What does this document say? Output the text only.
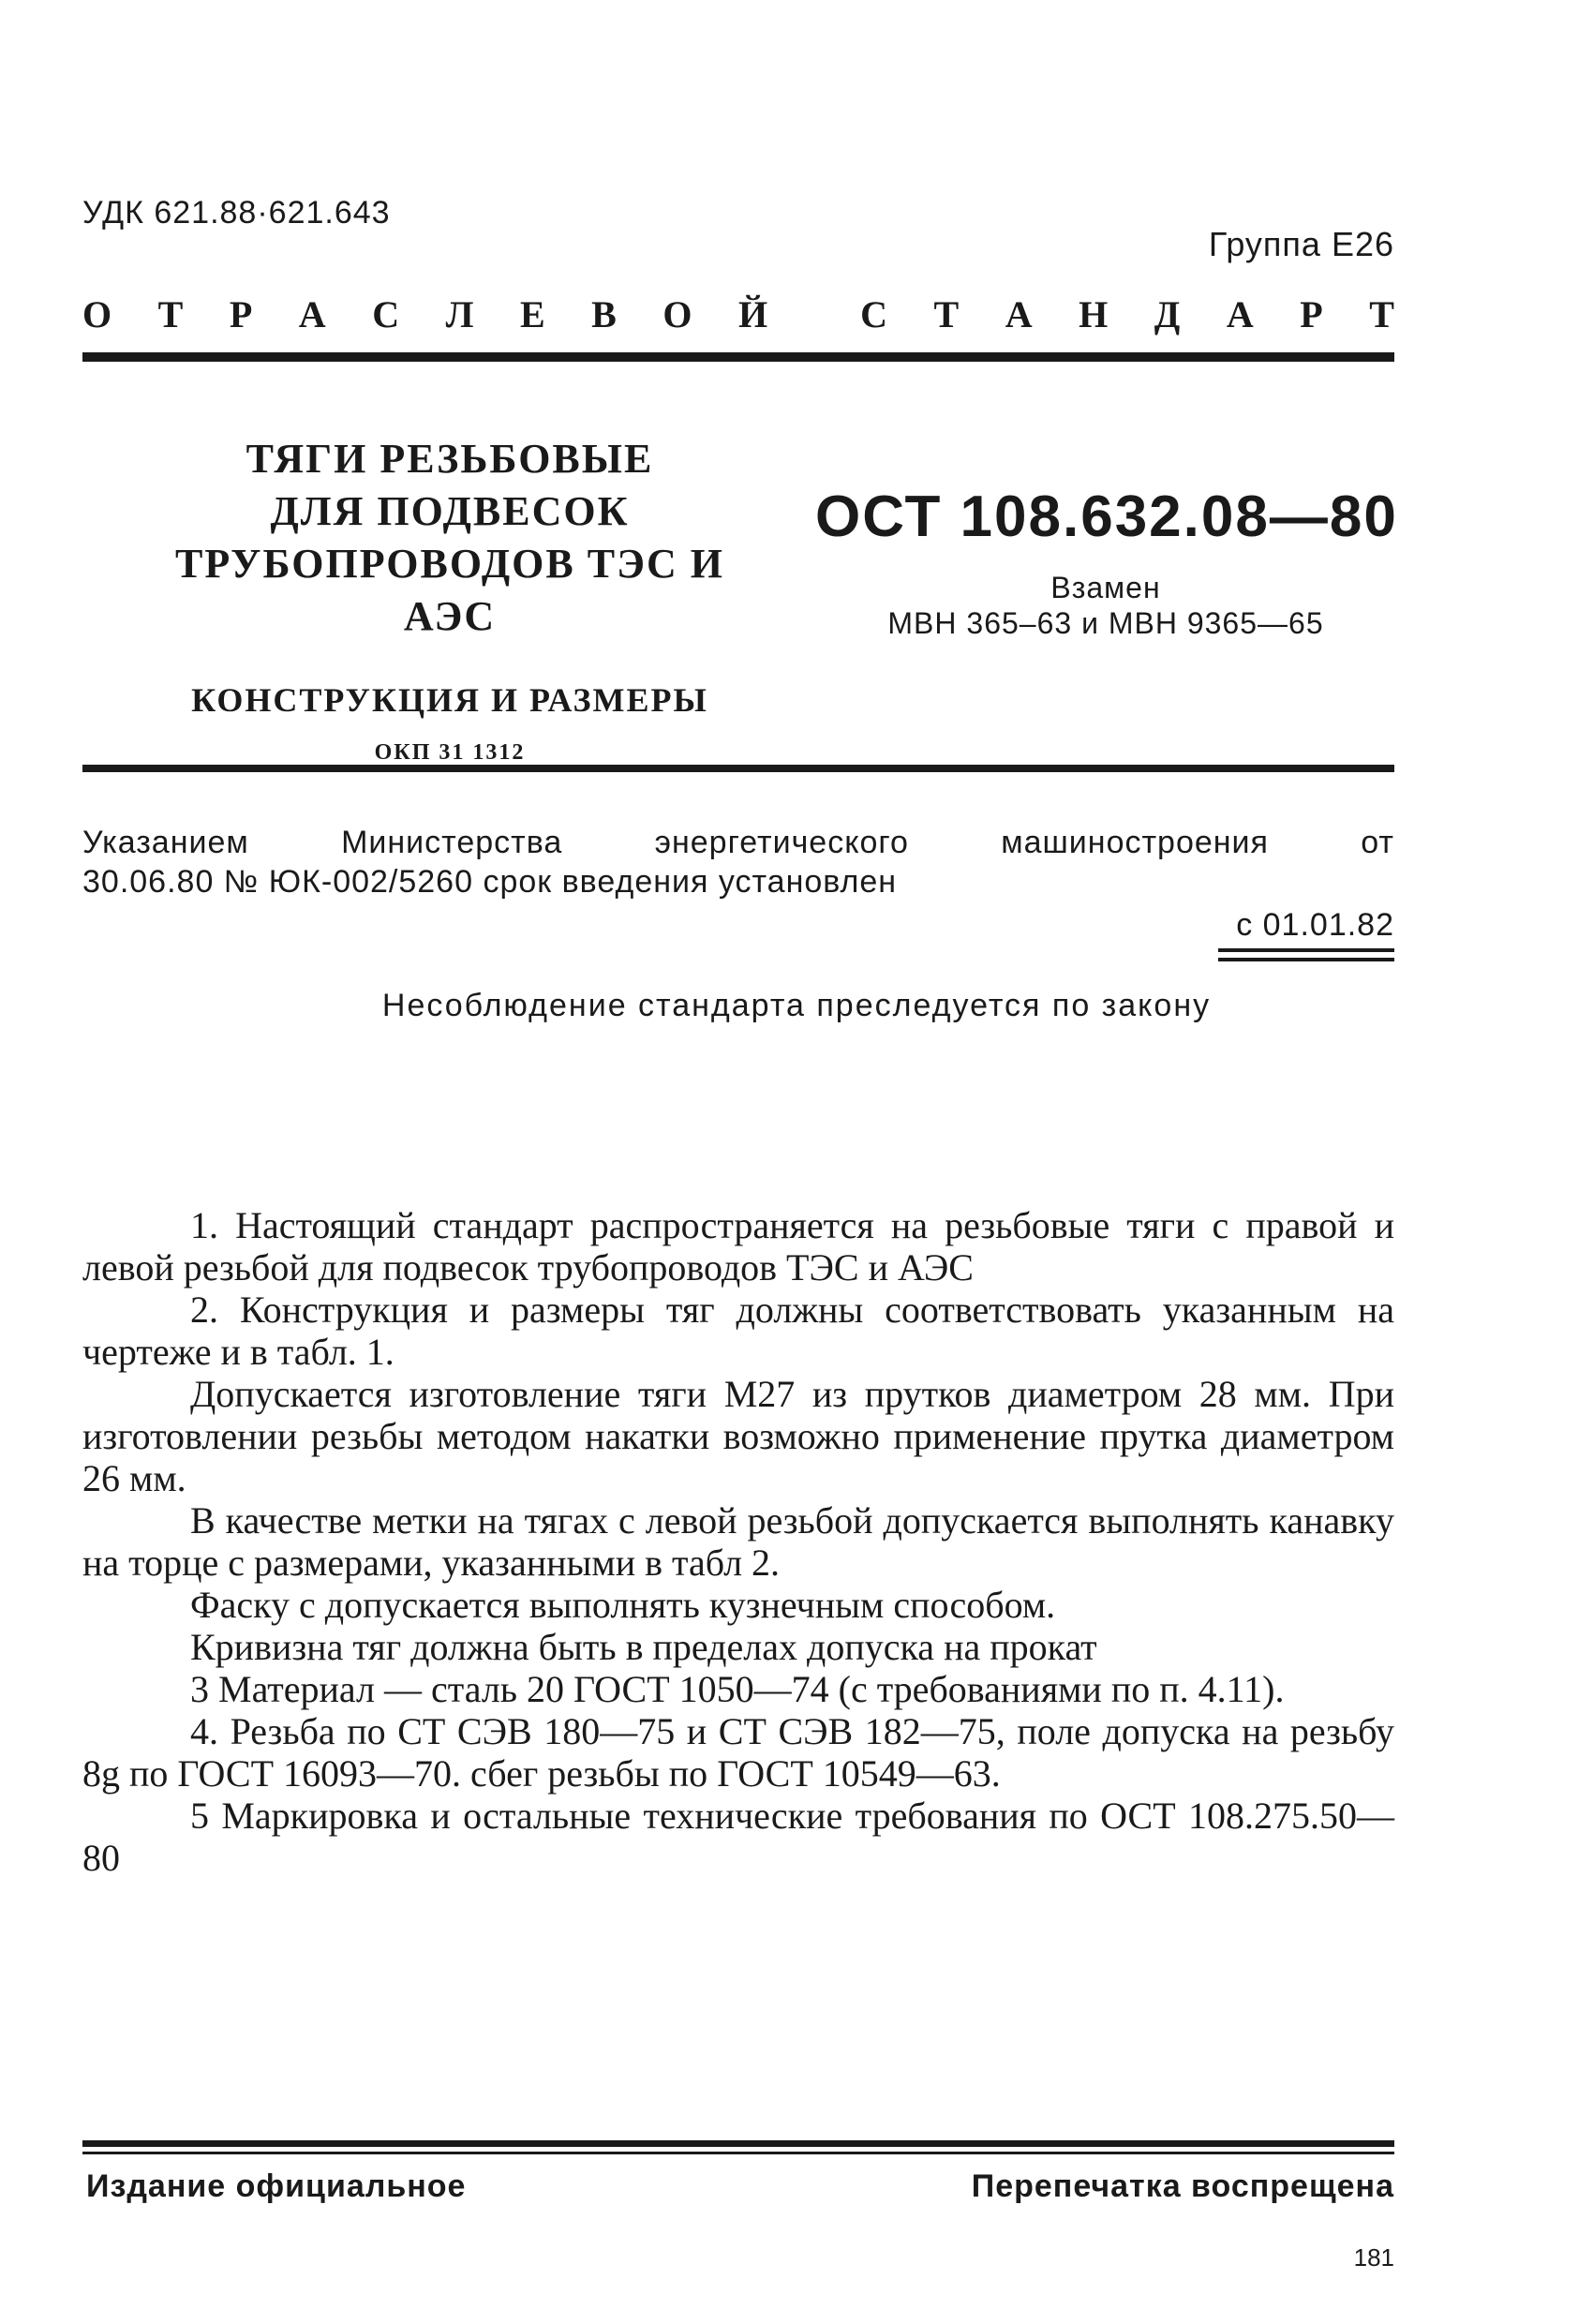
УДК 621.88·621.643
Группа Е26
О Т Р А С Л Е В О Й С Т А Н Д А Р Т
ТЯГИ РЕЗЬБОВЫЕ
ДЛЯ ПОДВЕСОК
ТРУБОПРОВОДОВ ТЭС И АЭС
КОНСТРУКЦИЯ И РАЗМЕРЫ
ОКП 31 1312
ОСТ 108.632.08—80
Взамен
МВН 365–63 и МВН 9365—65
Указанием	Министерства	энергетического	машиностроения	от
30.06.80 № ЮК-002/5260 срок введения установлен
с 01.01.82
Несоблюдение стандарта преследуется по закону

1. Настоящий стандарт распространяется на резьбовые тяги с правой и левой резьбой для подвесок трубопроводов ТЭС и АЭС

2. Конструкция и размеры тяг должны соответствовать указанным на чертеже и в табл. 1.

Допускается изготовление тяги М27 из прутков диаметром 28 мм. При изготовлении резьбы методом накатки возможно применение прутка диаметром 26 мм.

В качестве метки на тягах с левой резьбой допускается выполнять канавку на торце с размерами, указанными в табл 2.

Фаску с допускается выполнять кузнечным способом.

Кривизна тяг должна быть в пределах допуска на прокат

3 Материал — сталь 20 ГОСТ 1050—74 (с требованиями по п. 4.11).

4. Резьба по СТ СЭВ 180—75 и СТ СЭВ 182—75, поле допуска на резьбу 8g по ГОСТ 16093—70. сбег резьбы по ГОСТ 10549—63.

5 Маркировка и остальные технические требования по ОСТ 108.275.50—80

Издание официальное	Перепечатка воспрещена
181
